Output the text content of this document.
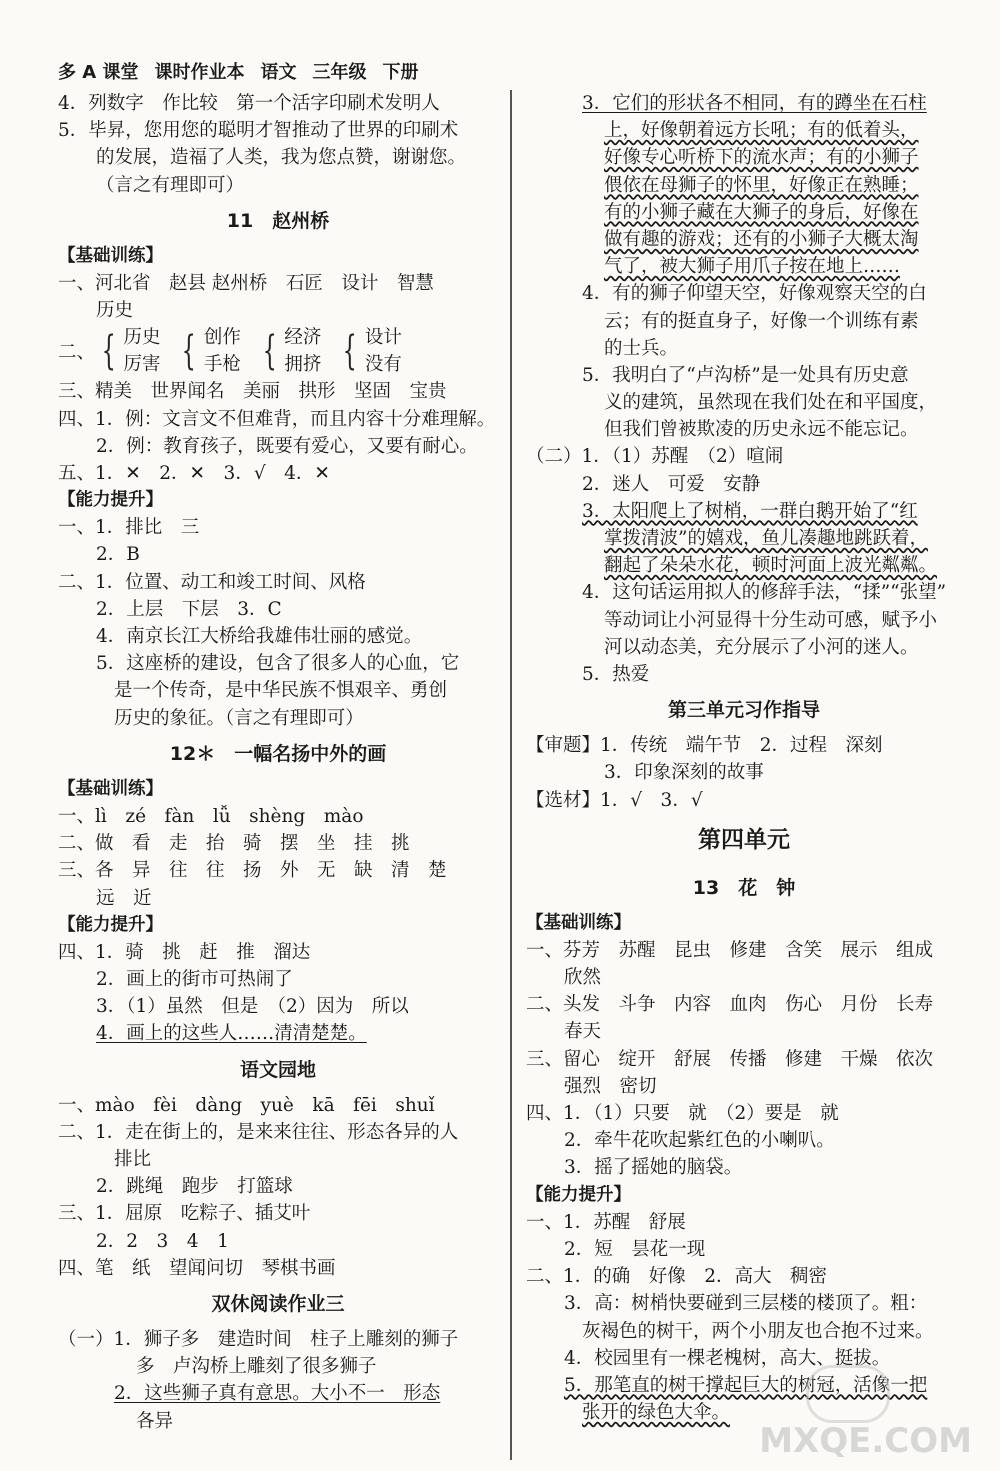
多 A 课堂 课时作业本 语文 三年级 下册
4．列数字　作比较　第一个活字印刷术发明人
5．毕昇，您用您的聪明才智推动了世界的印刷术
的发展，造福了人类，我为您点赞，谢谢您。
（言之有理即可）
11　赵州桥
【基础训练】
一、河北省　赵县 赵州桥　石匠　设计　智慧
历史
二、 { 历史
厉害 { 创作
手枪 { 经济
拥挤 { 设计
没有
三、精美　世界闻名　美丽　拱形　坚固　宝贵
四、1．例：文言文不但难背，而且内容十分难理解。
2．例：教育孩子，既要有爱心，又要有耐心。
五、1．✕　2．✕　3．√　4．✕
【能力提升】
一、1．排比　三
2．B
二、1．位置、动工和竣工时间、风格
2．上层　下层　3．C
4．南京长江大桥给我雄伟壮丽的感觉。
5．这座桥的建设，包含了很多人的心血，它
是一个传奇，是中华民族不惧艰辛、勇创
历史的象征。（言之有理即可）
12＊　一幅名扬中外的画
【基础训练】
一、lì　zé　fàn　lǚ　shèng　mào
二、做　看　走　抬　骑　摆　坐　挂　挑
三、各　异　往　往　扬　外　无　缺　清　楚
远　近
【能力提升】
四、1．骑　挑　赶　推　溜达
2．画上的街市可热闹了
3．（1）虽然　但是　（2）因为　所以
4．画上的这些人……清清楚楚。
语文园地
一、mào　fèi　dàng　yuè　kā　fēi　shuǐ
二、1．走在街上的，是来来往往、形态各异的人
排比
2．跳绳　跑步　打篮球
三、1．屈原　吃粽子、插艾叶
2．2　3　4　1
四、笔　纸　望闻问切　琴棋书画
双休阅读作业三
（一）1．狮子多　建造时间　柱子上雕刻的狮子
多　卢沟桥上雕刻了很多狮子
2．这些狮子真有意思。大小不一　形态
各异
3．它们的形状各不相同，有的蹲坐在石柱
上，好像朝着远方长吼；有的低着头，
好像专心听桥下的流水声；有的小狮子
偎依在母狮子的怀里，好像正在熟睡；
有的小狮子藏在大狮子的身后，好像在
做有趣的游戏；还有的小狮子大概太淘
气了，被大狮子用爪子按在地上……
4．有的狮子仰望天空，好像观察天空的白
云；有的挺直身子，好像一个训练有素
的士兵。
5．我明白了“卢沟桥”是一处具有历史意
义的建筑，虽然现在我们处在和平国度，
但我们曾被欺凌的历史永远不能忘记。
（二）1．（1）苏醒　（2）喧闹
2．迷人　可爱　安静
3．太阳爬上了树梢，一群白鹅开始了“红
掌拨清波”的嬉戏，鱼儿凑趣地跳跃着，
翻起了朵朵水花，顿时河面上波光粼粼。
4．这句话运用拟人的修辞手法，“揉”“张望”
等动词让小河显得十分生动可感，赋予小
河以动态美，充分展示了小河的迷人。
5．热爱
第三单元习作指导
【审题】1．传统　端午节　2．过程　深刻
3．印象深刻的故事
【选材】1．√　3．√
第四单元
13　花　钟
【基础训练】
一、芬芳　苏醒　昆虫　修建　含笑　展示　组成
欣然
二、头发　斗争　内容　血肉　伤心　月份　长寿
春天
三、留心　绽开　舒展　传播　修建　干燥　依次
强烈　密切
四、1．（1）只要　就　（2）要是　就
2．牵牛花吹起紫红色的小喇叭。
3．摇了摇她的脑袋。
【能力提升】
一、1．苏醒　舒展
2．短　昙花一现
二、1．的确　好像　2．高大　稠密
3．高：树梢快要碰到三层楼的楼顶了。粗：
灰褐色的树干，两个小朋友也合抱不过来。
4．校园里有一棵老槐树，高大、挺拔。
5．那笔直的树干撑起巨大的树冠，活像一把
张开的绿色大伞。
MXQE.COM
